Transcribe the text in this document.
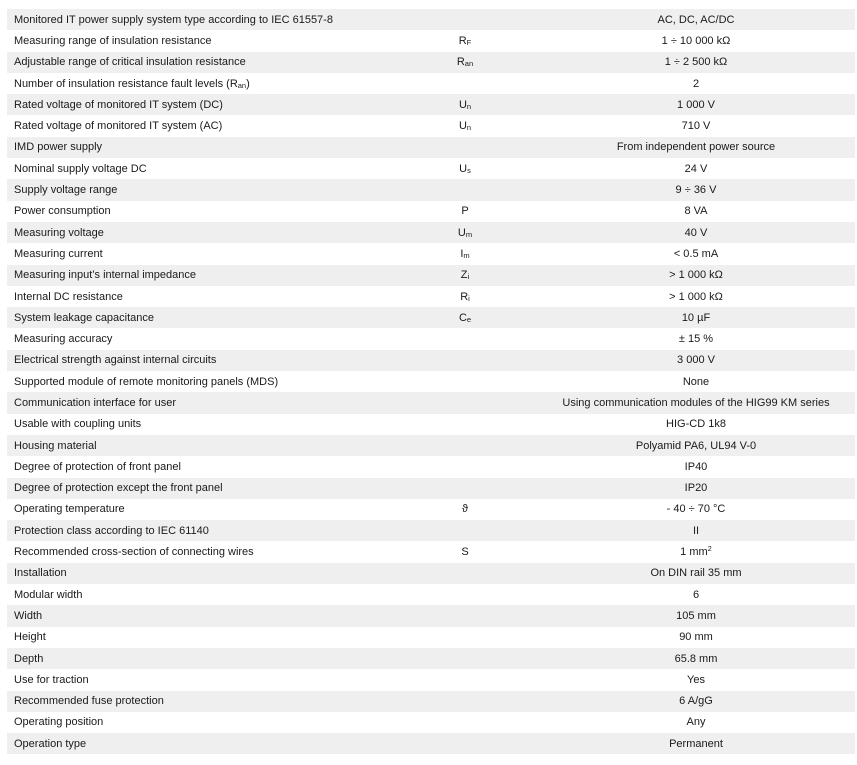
Monitored IT power supply system type according to IEC 61557-8	AC, DC, AC/DC
Measuring range of insulation resistance	$R_F$	1 ÷ 10 000 kΩ
Adjustable range of critical insulation resistance	$R_{an}$	1 ÷ 2 500 kΩ
Number of insulation resistance fault levels $(R_{an})$	2
Rated voltage of monitored IT system (DC)	$U_n$	1 000 V
Rated voltage of monitored IT system (AC)	$U_n$	710 V
IMD power supply	From independent power source
Nominal supply voltage DC	$U_s$	24 V
Supply voltage range	9 ÷ 36 V
Power consumption	P	8 VA
Measuring voltage	$U_m$	40 V
Measuring current	$I_m$	< 0.5 mA
Measuring input’s internal impedance	$Z_i$	> 1 000 kΩ
Internal DC resistance	$R_i$	> 1 000 kΩ
System leakage capacitance	$C_e$	10 µF
Measuring accuracy	± 15 %
Electrical strength against internal circuits	3 000 V
Supported module of remote monitoring panels (MDS)	None
Communication interface for user	Using communication modules of the HIG99 KM series
Usable with coupling units	HIG-CD 1k8
Housing material	Polyamid PA6, UL94 V-0
Degree of protection of front panel	IP40
Degree of protection except the front panel	IP20
Operating temperature	ϑ	- 40 ÷ 70 °C
Protection class according to IEC 61140	II
Recommended cross-section of connecting wires	S	1 $mm^2$
Installation	On DIN rail 35 mm
Modular width	6
Width	105 mm
Height	90 mm
Depth	65.8 mm
Use for traction	Yes
Recommended fuse protection	6 A/gG
Operating position	Any
Operation type	Permanent
